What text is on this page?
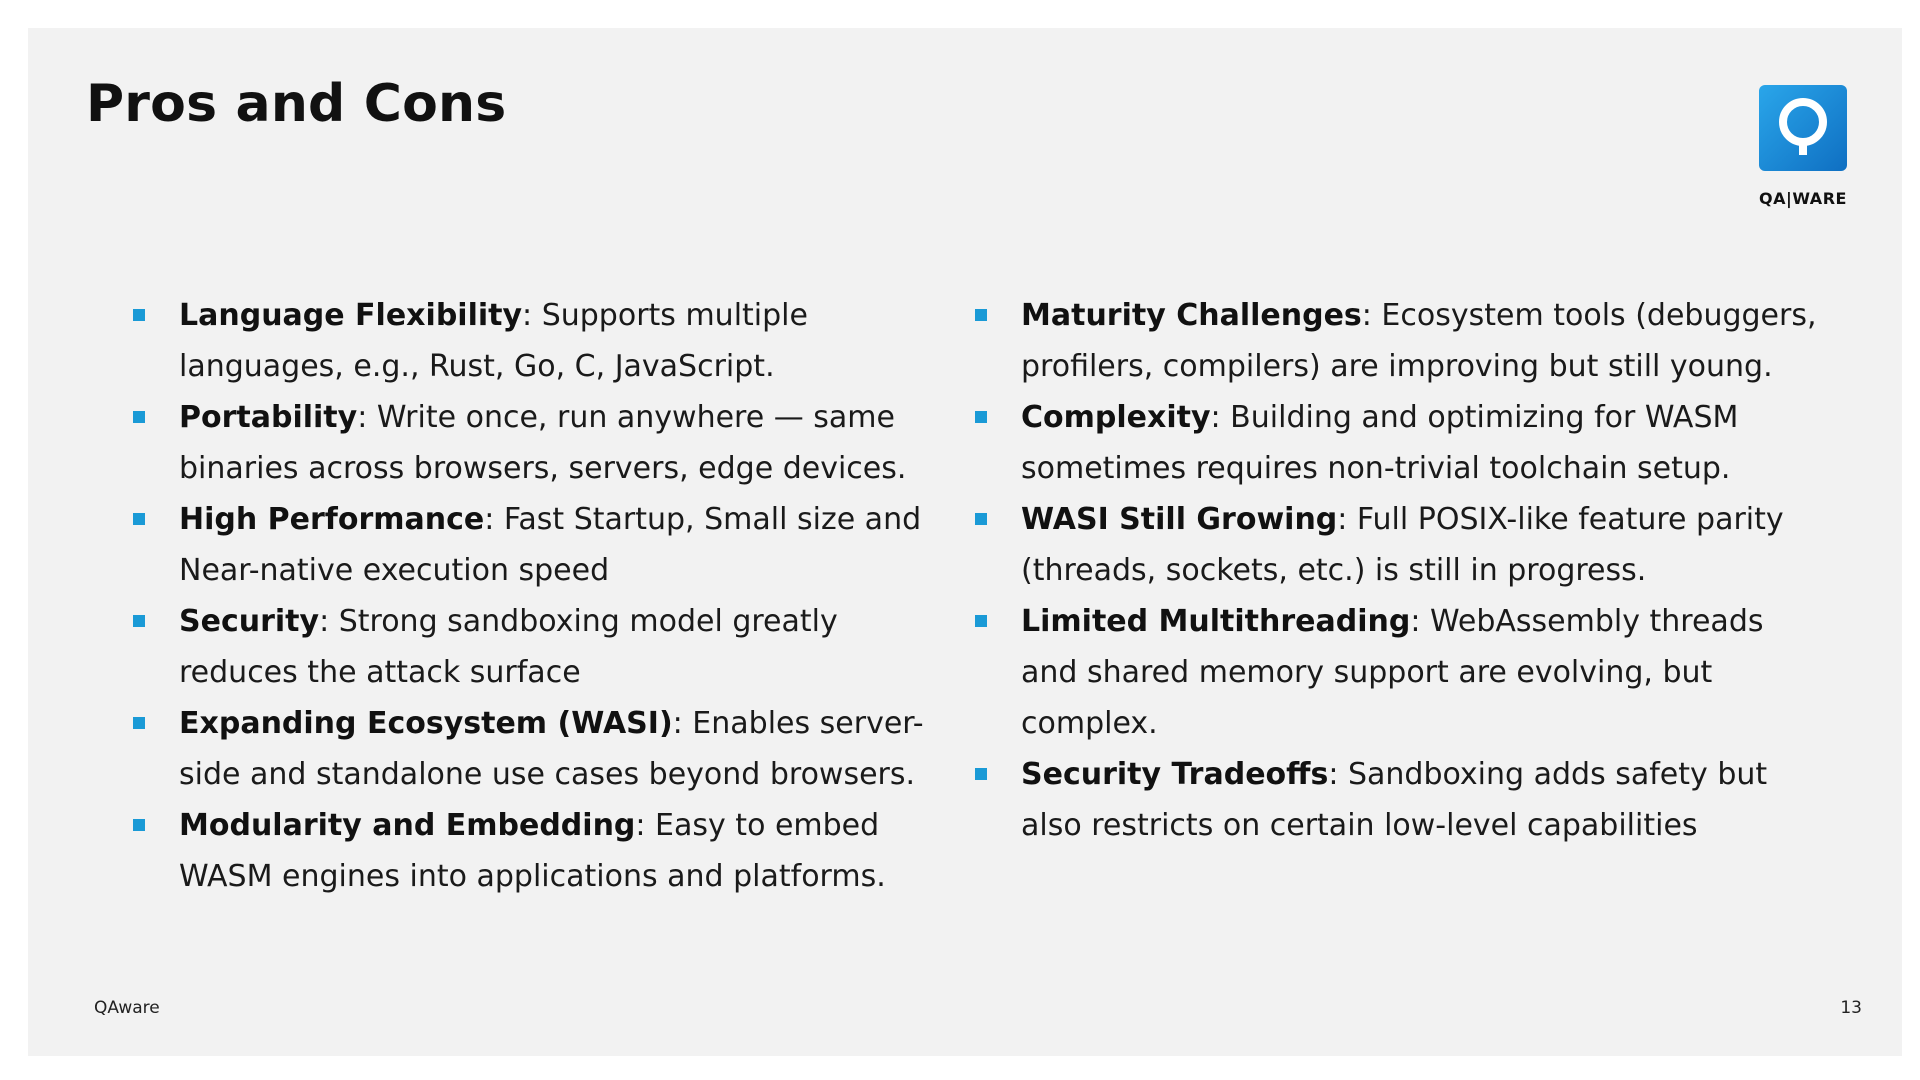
Pros and Cons
QA|WARE
Language Flexibility: Supports multiple languages, e.g., Rust, Go, C, JavaScript.
Portability: Write once, run anywhere — same binaries across browsers, servers, edge devices.
High Performance: Fast Startup, Small size and Near-native execution speed
Security: Strong sandboxing model greatly reduces the attack surface
Expanding Ecosystem (WASI): Enables server-side and standalone use cases beyond browsers.
Modularity and Embedding: Easy to embed WASM engines into applications and platforms.
Maturity Challenges: Ecosystem tools (debuggers, profilers, compilers) are improving but still young.
Complexity: Building and optimizing for WASM sometimes requires non-trivial toolchain setup.
WASI Still Growing: Full POSIX-like feature parity (threads, sockets, etc.) is still in progress.
Limited Multithreading: WebAssembly threads and shared memory support are evolving, but complex.
Security Tradeoffs: Sandboxing adds safety but also restricts on certain low-level capabilities
QAware	13
